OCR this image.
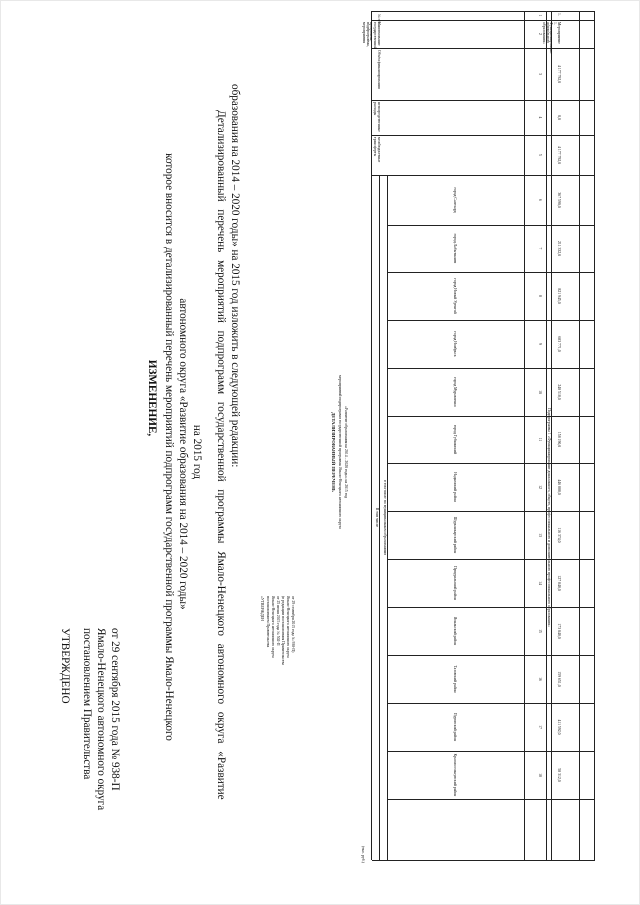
УТВЕРЖДЕНО постановлением Правительства Ямало-Ненецкого автономного округа от 29 сентября 2015 года № 938-П
ИЗМЕНЕНИЕ, которое вносится в детализированный перечень мероприятий подпрограмм государственной программы Ямало-Ненецкого автономного округа «Развитие образования на 2014 – 2020 годы» на 2015 год Детализированный перечень мероприятий подпрограмм государственной программы Ямало-Ненецкого автономного округа «Развитие образования на 2014 – 2020 годы» на 2015 год изложить в следующей редакции:
«УТВЕРЖДЕН постановлением Правительства Ямало-Ненецкого автономного округа от 25 июня 2015 года № 502-П (в редакции постановления Правительства Ямало-Ненецкого автономного округа от 29 сентября 2015 года № 938-П)
ДЕТАЛИЗИРОВАННЫЙ ПЕРЕЧЕНЬ мероприятий подпрограмм государственной программы Ямало-Ненецкого автономного округа «Развитие образования на 2014 – 2020 годы» на 2015 год
(тыс. руб.)
№ п/п
Наименование государственной программы, подпрограммы, мероприятия
Объём финансирования
непосредственные расходы
межбюджетные трансферты
В том числе в том числе по муниципальным образованиям
город Салехард
город Лабытнанги
город Новый Уренгой
город Ноябрьск
город Муравленко
город Губкинский
Надымский район
Шурышкарский район
Приуральский район
Ямальский район
Тазовский район
Пуровский район
Красноселькупский район
1
2
3
4
5
6
7
8
9
10
11
12
13
14
15
16
17
18
Подпрограмма 1 «Функционирование дошкольного, общего, профессионального и дополнительного профессионального образования»
1.
Мероприятие 1. Функционирование дошкольного образования»
4 177 792,0
0,0
4 177 792,0
367 590,0
211 332,0
821 945,0
683 771,0
248 518,0
158 190,0
446 888,0
116 374,0
127 848,0
173 048,0
159 651,0
411 592,0
58 312,0
